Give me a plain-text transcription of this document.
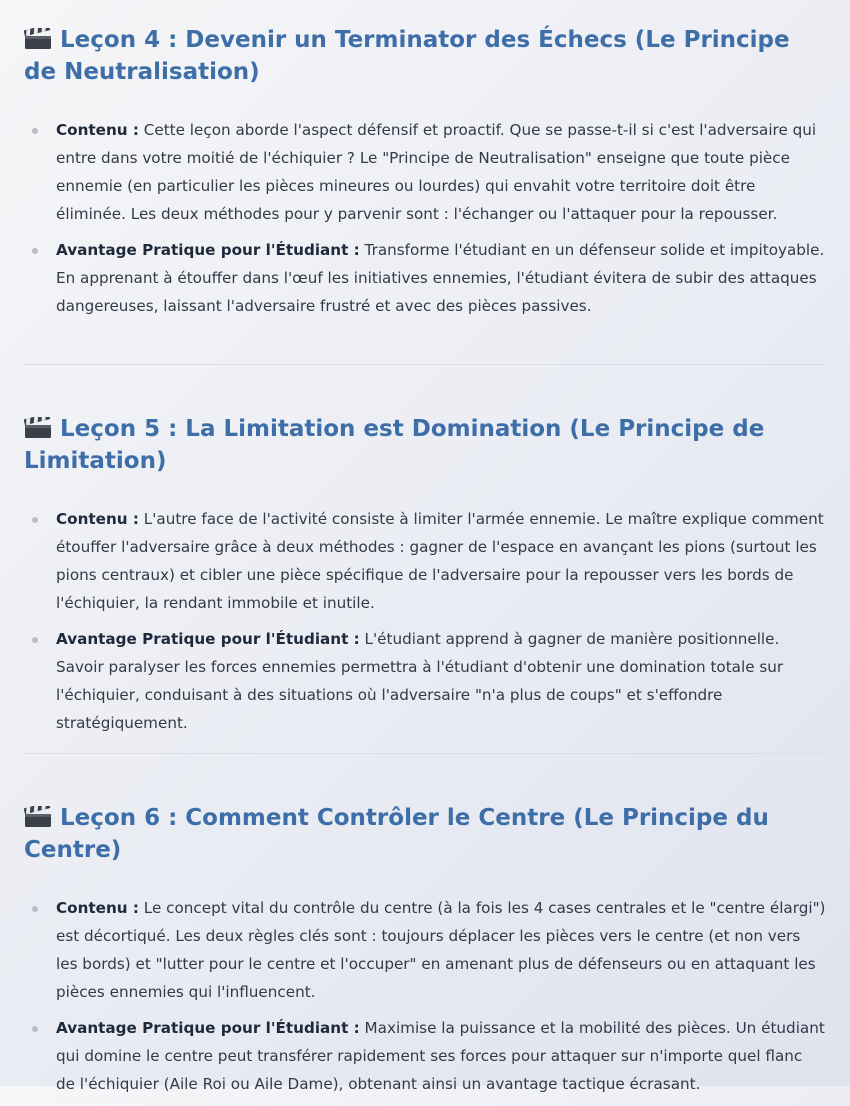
Leçon 4 : Devenir un Terminator des Échecs (Le Principe de Neutralisation)
Contenu : Cette leçon aborde l'aspect défensif et proactif. Que se passe-t-il si c'est l'adversaire qui entre dans votre moitié de l'échiquier ? Le "Principe de Neutralisation" enseigne que toute pièce ennemie (en particulier les pièces mineures ou lourdes) qui envahit votre territoire doit être éliminée. Les deux méthodes pour y parvenir sont : l'échanger ou l'attaquer pour la repousser.
Avantage Pratique pour l'Étudiant : Transforme l'étudiant en un défenseur solide et impitoyable. En apprenant à étouffer dans l'œuf les initiatives ennemies, l'étudiant évitera de subir des attaques dangereuses, laissant l'adversaire frustré et avec des pièces passives.
Leçon 5 : La Limitation est Domination (Le Principe de Limitation)
Contenu : L'autre face de l'activité consiste à limiter l'armée ennemie. Le maître explique comment étouffer l'adversaire grâce à deux méthodes : gagner de l'espace en avançant les pions (surtout les pions centraux) et cibler une pièce spécifique de l'adversaire pour la repousser vers les bords de l'échiquier, la rendant immobile et inutile.
Avantage Pratique pour l'Étudiant : L'étudiant apprend à gagner de manière positionnelle. Savoir paralyser les forces ennemies permettra à l'étudiant d'obtenir une domination totale sur l'échiquier, conduisant à des situations où l'adversaire "n'a plus de coups" et s'effondre stratégiquement.
Leçon 6 : Comment Contrôler le Centre (Le Principe du Centre)
Contenu : Le concept vital du contrôle du centre (à la fois les 4 cases centrales et le "centre élargi") est décortiqué. Les deux règles clés sont : toujours déplacer les pièces vers le centre (et non vers les bords) et "lutter pour le centre et l'occuper" en amenant plus de défenseurs ou en attaquant les pièces ennemies qui l'influencent.
Avantage Pratique pour l'Étudiant : Maximise la puissance et la mobilité des pièces. Un étudiant qui domine le centre peut transférer rapidement ses forces pour attaquer sur n'importe quel flanc de l'échiquier (Aile Roi ou Aile Dame), obtenant ainsi un avantage tactique écrasant.
